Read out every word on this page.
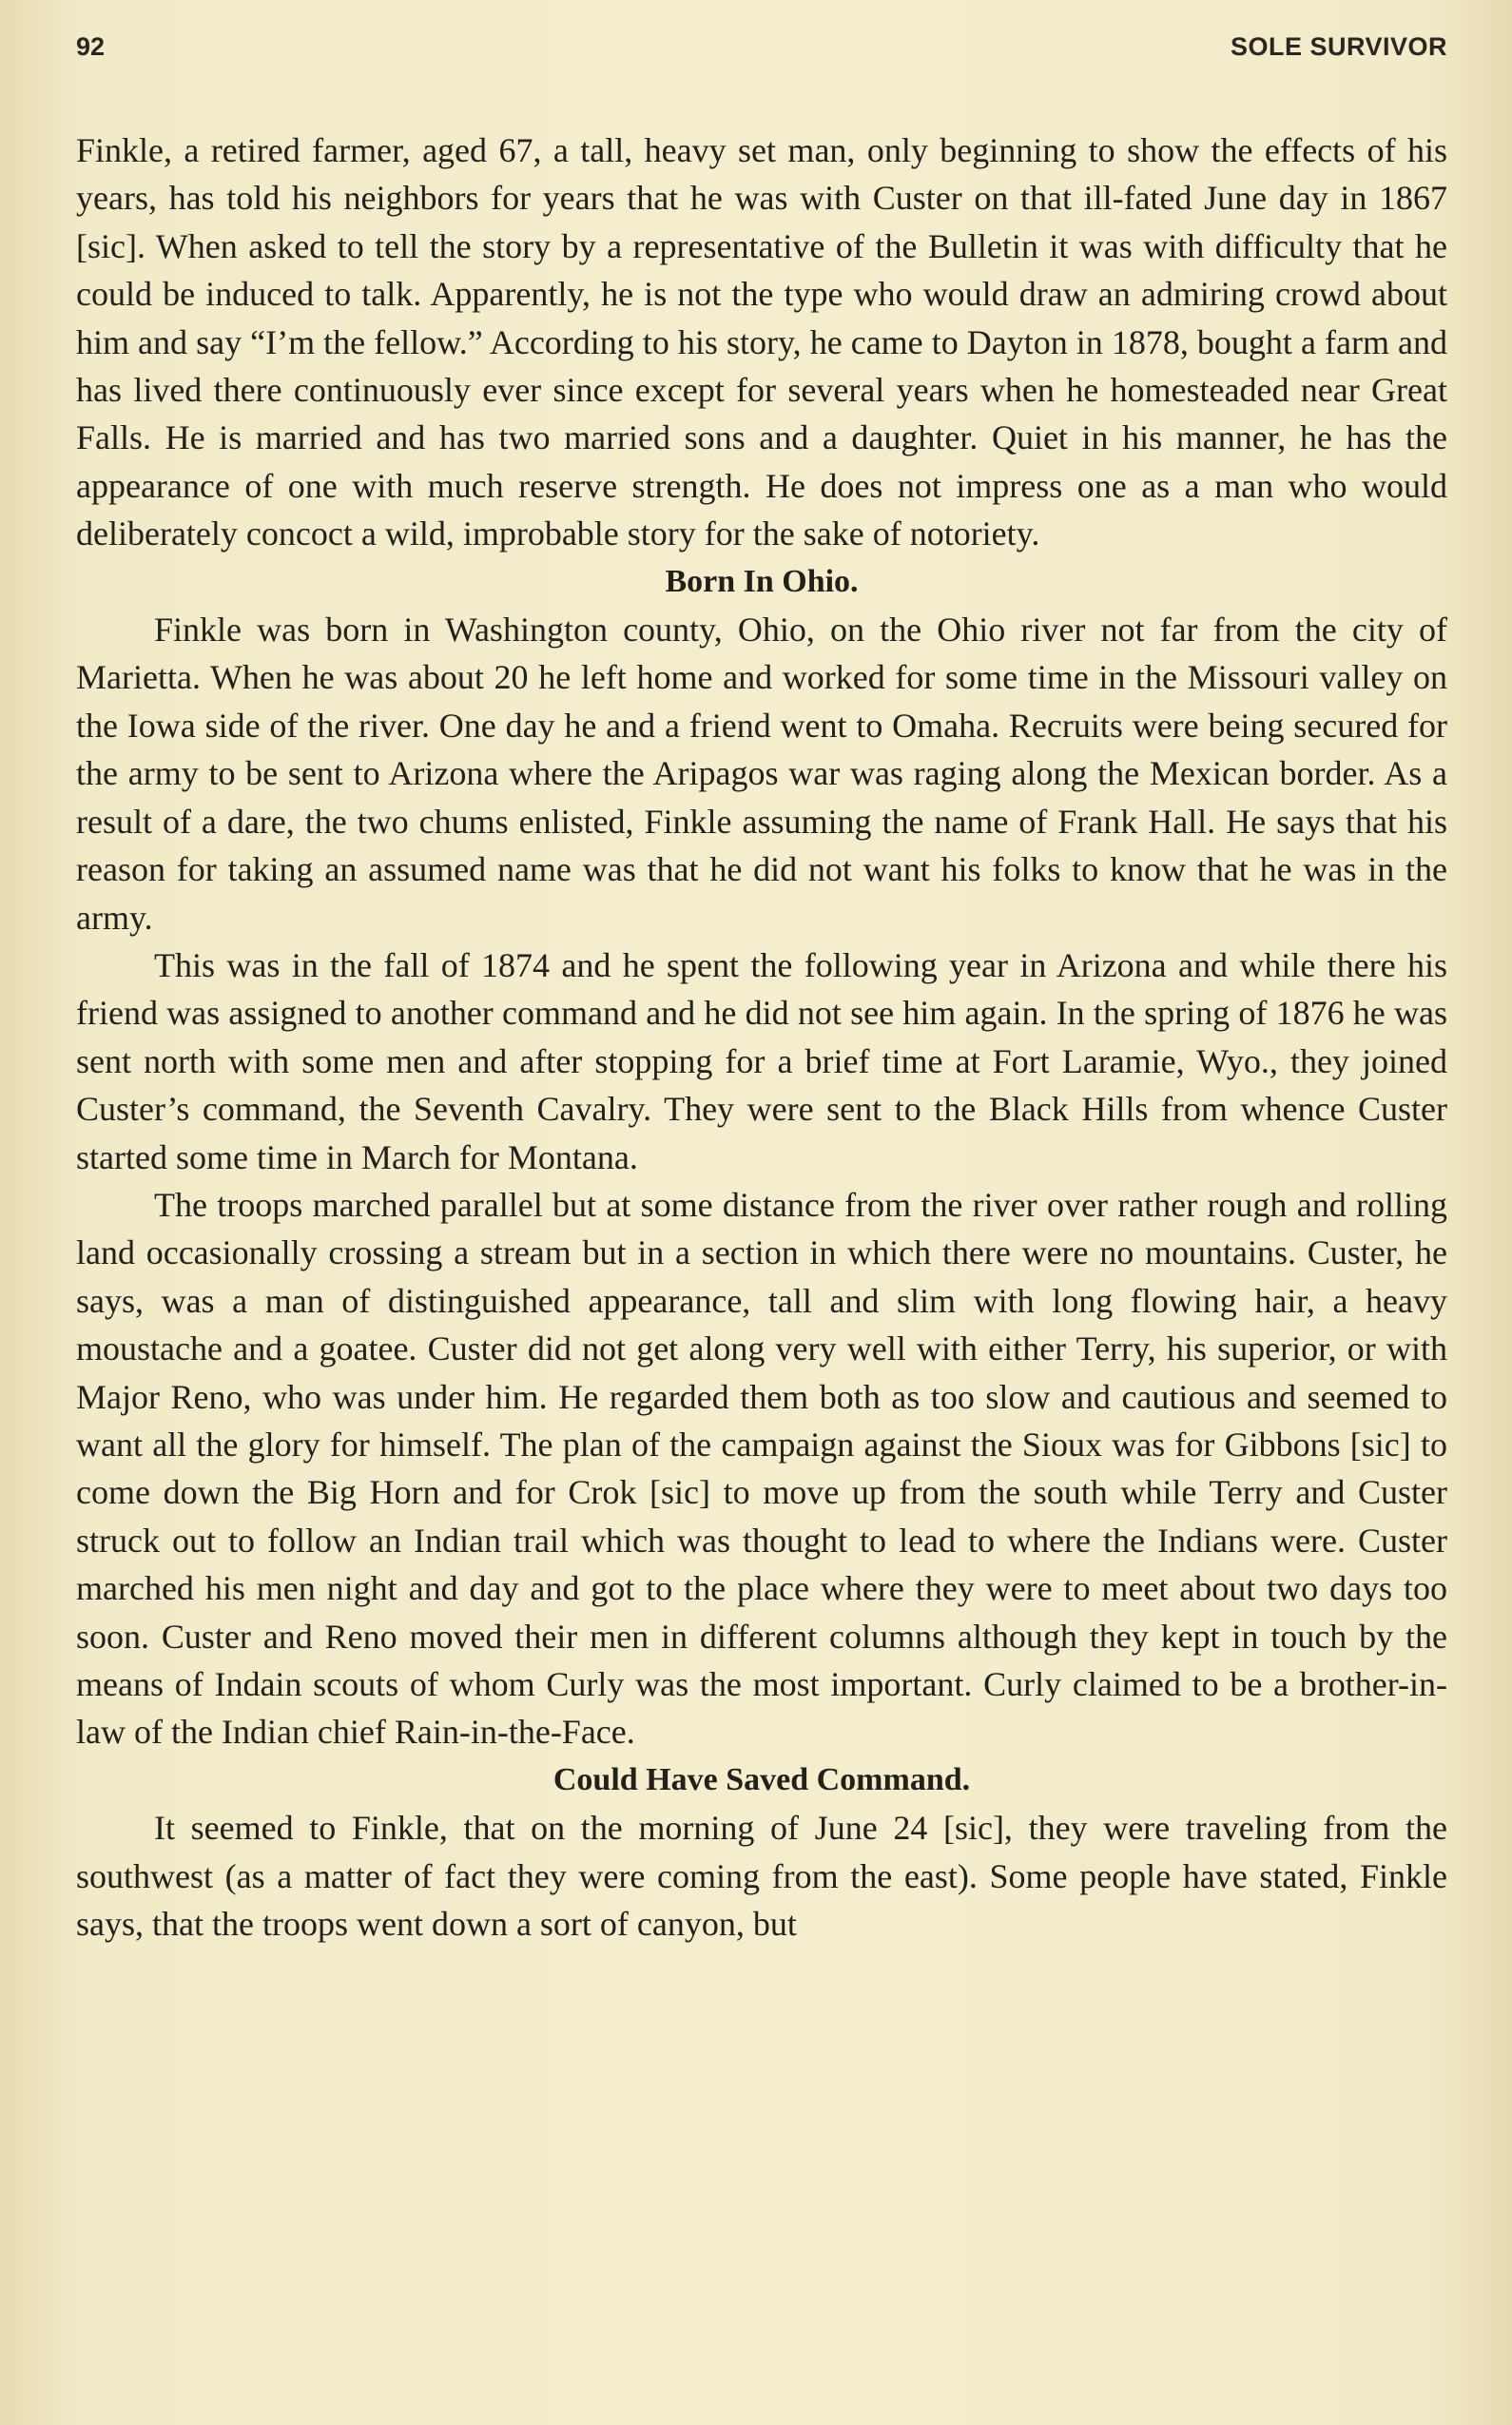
92	SOLE SURVIVOR

Finkle, a retired farmer, aged 67, a tall, heavy set man, only beginning to show the effects of his years, has told his neighbors for years that he was with Custer on that ill-fated June day in 1867 [sic]. When asked to tell the story by a representative of the Bulletin it was with difficulty that he could be induced to talk. Apparently, he is not the type who would draw an admiring crowd about him and say “I’m the fellow.” According to his story, he came to Dayton in 1878, bought a farm and has lived there continuously ever since except for several years when he homesteaded near Great Falls. He is married and has two married sons and a daughter. Quiet in his manner, he has the appearance of one with much reserve strength. He does not impress one as a man who would deliberately concoct a wild, improbable story for the sake of notoriety.

Born In Ohio.

Finkle was born in Washington county, Ohio, on the Ohio river not far from the city of Marietta. When he was about 20 he left home and worked for some time in the Missouri valley on the Iowa side of the river. One day he and a friend went to Omaha. Recruits were being secured for the army to be sent to Arizona where the Aripagos war was raging along the Mexican border. As a result of a dare, the two chums enlisted, Finkle assuming the name of Frank Hall. He says that his reason for taking an assumed name was that he did not want his folks to know that he was in the army.

This was in the fall of 1874 and he spent the following year in Arizona and while there his friend was assigned to another command and he did not see him again. In the spring of 1876 he was sent north with some men and after stopping for a brief time at Fort Laramie, Wyo., they joined Custer’s command, the Seventh Cavalry. They were sent to the Black Hills from whence Custer started some time in March for Montana.

The troops marched parallel but at some distance from the river over rather rough and rolling land occasionally crossing a stream but in a section in which there were no mountains. Custer, he says, was a man of distinguished appearance, tall and slim with long flowing hair, a heavy moustache and a goatee. Custer did not get along very well with either Terry, his superior, or with Major Reno, who was under him. He regarded them both as too slow and cautious and seemed to want all the glory for himself. The plan of the campaign against the Sioux was for Gibbons [sic] to come down the Big Horn and for Crok [sic] to move up from the south while Terry and Custer struck out to follow an Indian trail which was thought to lead to where the Indians were. Custer marched his men night and day and got to the place where they were to meet about two days too soon. Custer and Reno moved their men in different columns although they kept in touch by the means of Indain scouts of whom Curly was the most important. Curly claimed to be a brother-in-law of the Indian chief Rain-in-the-Face.

Could Have Saved Command.

It seemed to Finkle, that on the morning of June 24 [sic], they were traveling from the southwest (as a matter of fact they were coming from the east). Some people have stated, Finkle says, that the troops went down a sort of canyon, but
